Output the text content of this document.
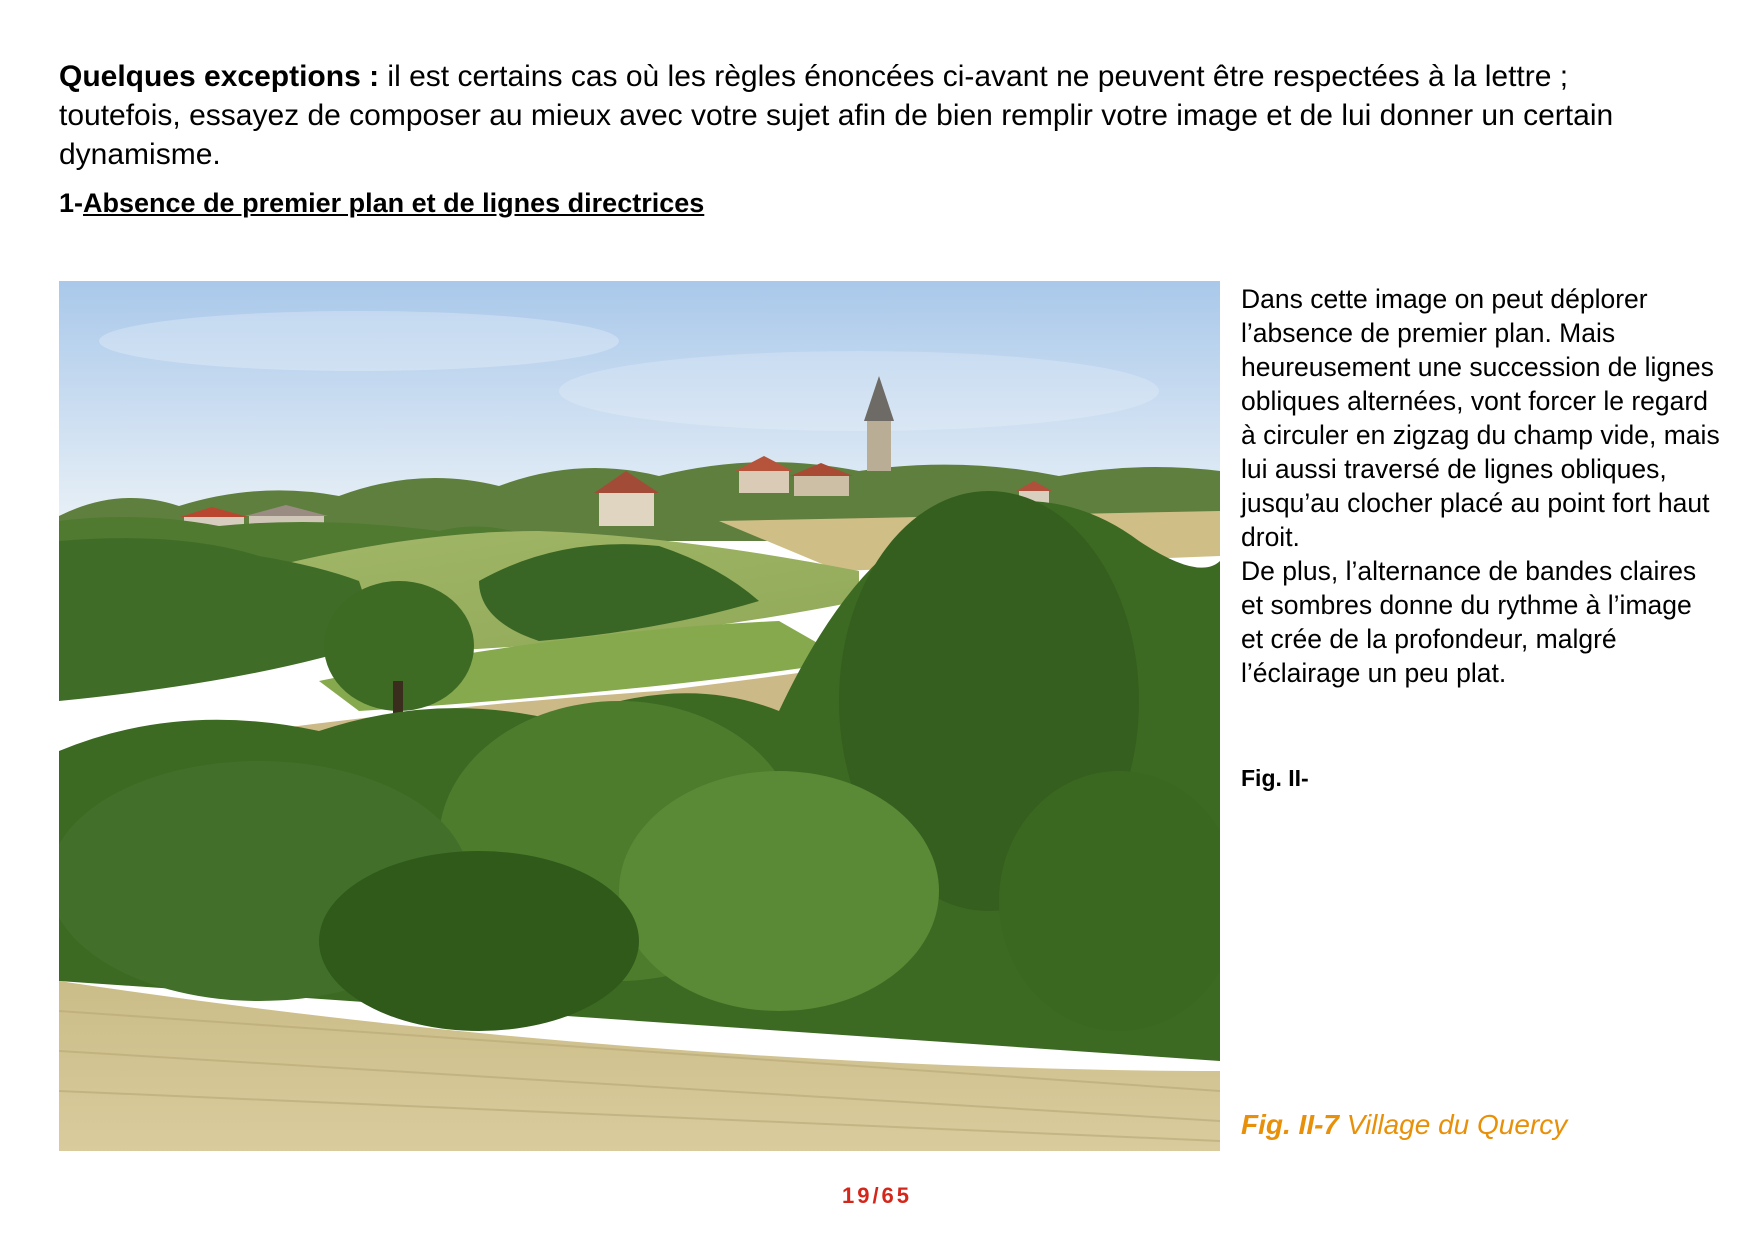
Quelques exceptions : il est certains cas où les règles énoncées ci-avant ne peuvent être respectées à la lettre ; toutefois, essayez de composer au mieux avec votre sujet afin de bien remplir votre image et de lui donner un certain dynamisme.

1-Absence de premier plan et de lignes directrices

Dans cette image on peut déplorer l’absence de premier plan. Mais heureusement une succession de lignes obliques alternées, vont forcer le regard à circuler en zigzag du champ vide, mais lui aussi traversé de lignes obliques, jusqu’au clocher placé au point fort haut droit.

De plus, l’alternance de bandes claires et sombres donne du rythme à l’image et crée de la profondeur, malgré l’éclairage un peu plat.

Fig. II-

Fig. II-7 Village du Quercy

19/65
